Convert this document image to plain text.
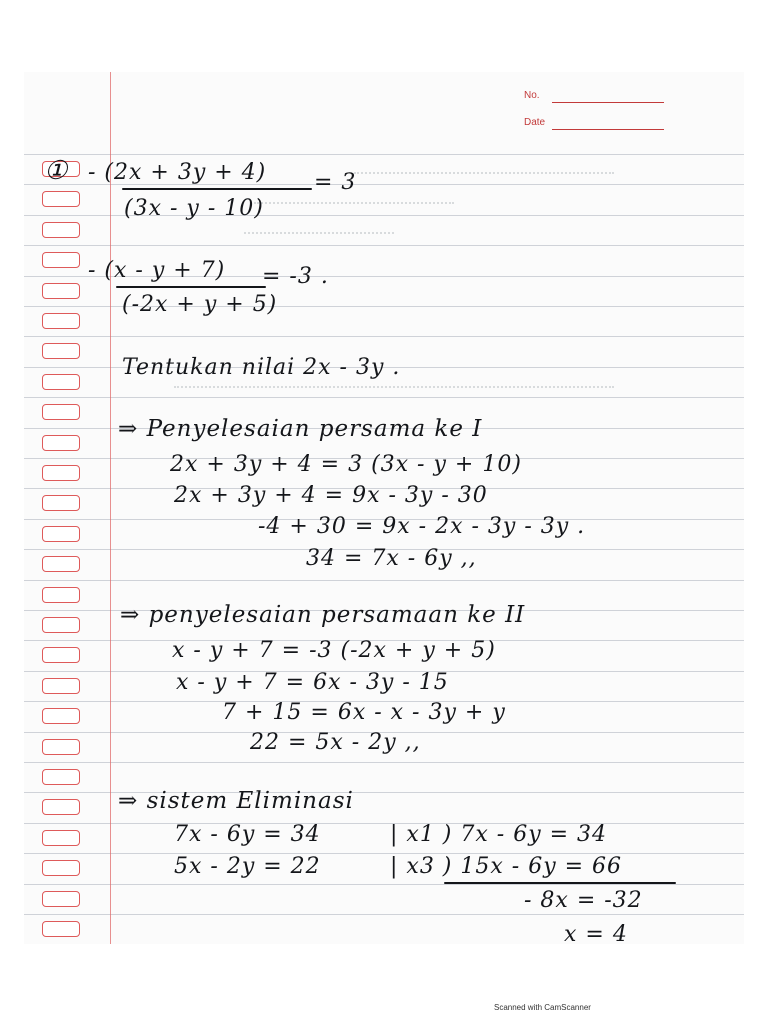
No.
Date
① - (2x + 3y + 4) = 3
(3x - y - 10)
- (x - y + 7) = -3 .
(-2x + y + 5)
Tentukan nilai 2x - 3y .
⇒ Penyelesaian persama ke I
2x + 3y + 4 = 3 (3x - y + 10)
2x + 3y + 4 = 9x - 3y - 30
-4 + 30 = 9x - 2x - 3y - 3y .
34 = 7x - 6y ,,
⇒ penyelesaian persamaan ke II
x - y + 7 = -3 (-2x + y + 5)
x - y + 7 = 6x - 3y - 15
7 + 15 = 6x - x - 3y + y
22 = 5x - 2y ,,
⇒ sistem Eliminasi
7x - 6y = 34	| x1 ) 7x - 6y = 34
5x - 2y = 22	| x3 ) 15x - 6y = 66
- 8x = -32
x = 4
Scanned with CamScanner
